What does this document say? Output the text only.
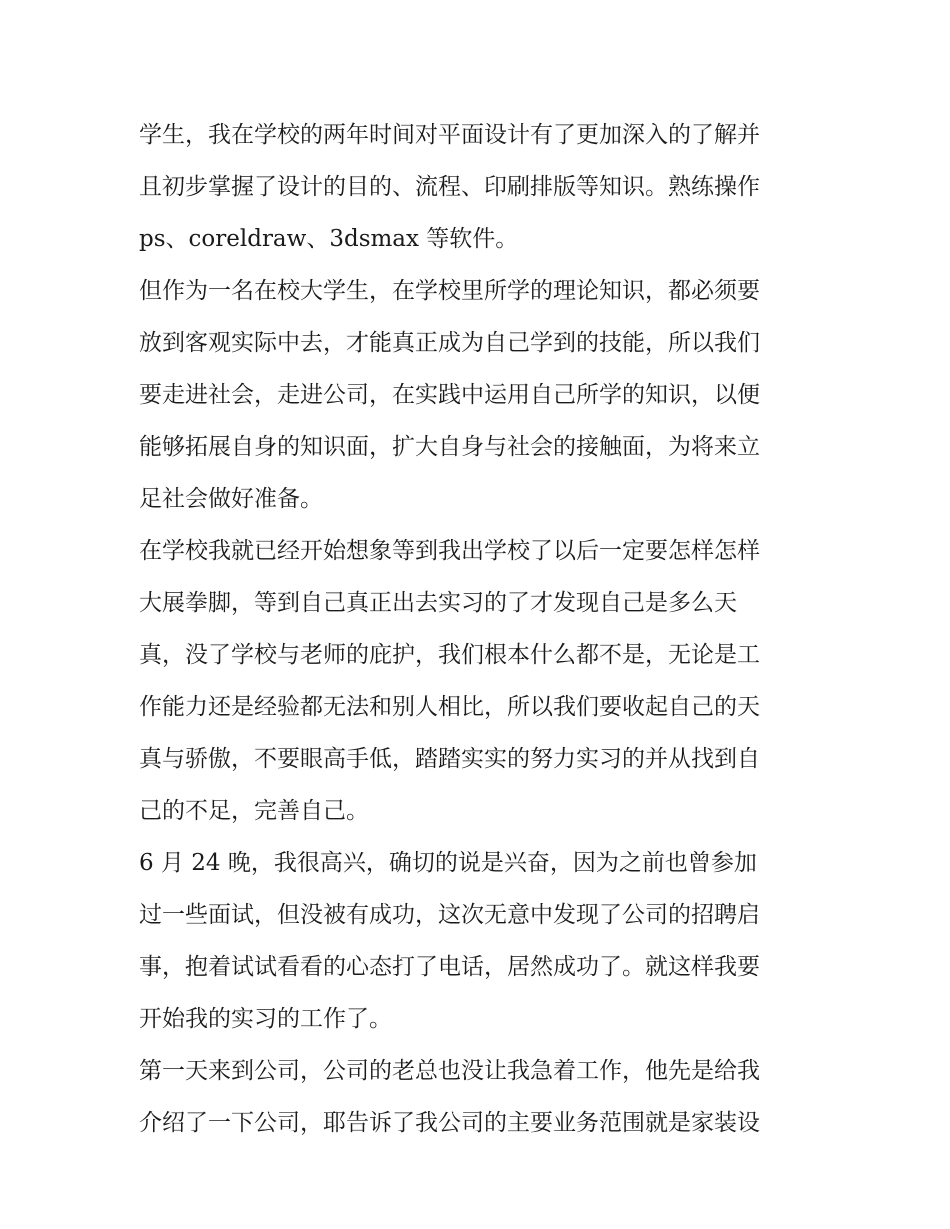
学生，我在学校的两年时间对平面设计有了更加深入的了解并
且初步掌握了设计的目的、流程、印刷排版等知识。熟练操作
ps、coreldraw、3dsmax 等软件。
但作为一名在校大学生，在学校里所学的理论知识，都必须要
放到客观实际中去，才能真正成为自己学到的技能，所以我们
要走进社会，走进公司，在实践中运用自己所学的知识，以便
能够拓展自身的知识面，扩大自身与社会的接触面，为将来立
足社会做好准备。
在学校我就已经开始想象等到我出学校了以后一定要怎样怎样
大展拳脚，等到自己真正出去实习的了才发现自己是多么天
真，没了学校与老师的庇护，我们根本什么都不是，无论是工
作能力还是经验都无法和别人相比，所以我们要收起自己的天
真与骄傲，不要眼高手低，踏踏实实的努力实习的并从找到自
己的不足，完善自己。
6 月 24 晚，我很高兴，确切的说是兴奋，因为之前也曾参加
过一些面试，但没被有成功，这次无意中发现了公司的招聘启
事，抱着试试看看的心态打了电话，居然成功了。就这样我要
开始我的实习的工作了。
第一天来到公司，公司的老总也没让我急着工作，他先是给我
介绍了一下公司，耶告诉了我公司的主要业务范围就是家装设
